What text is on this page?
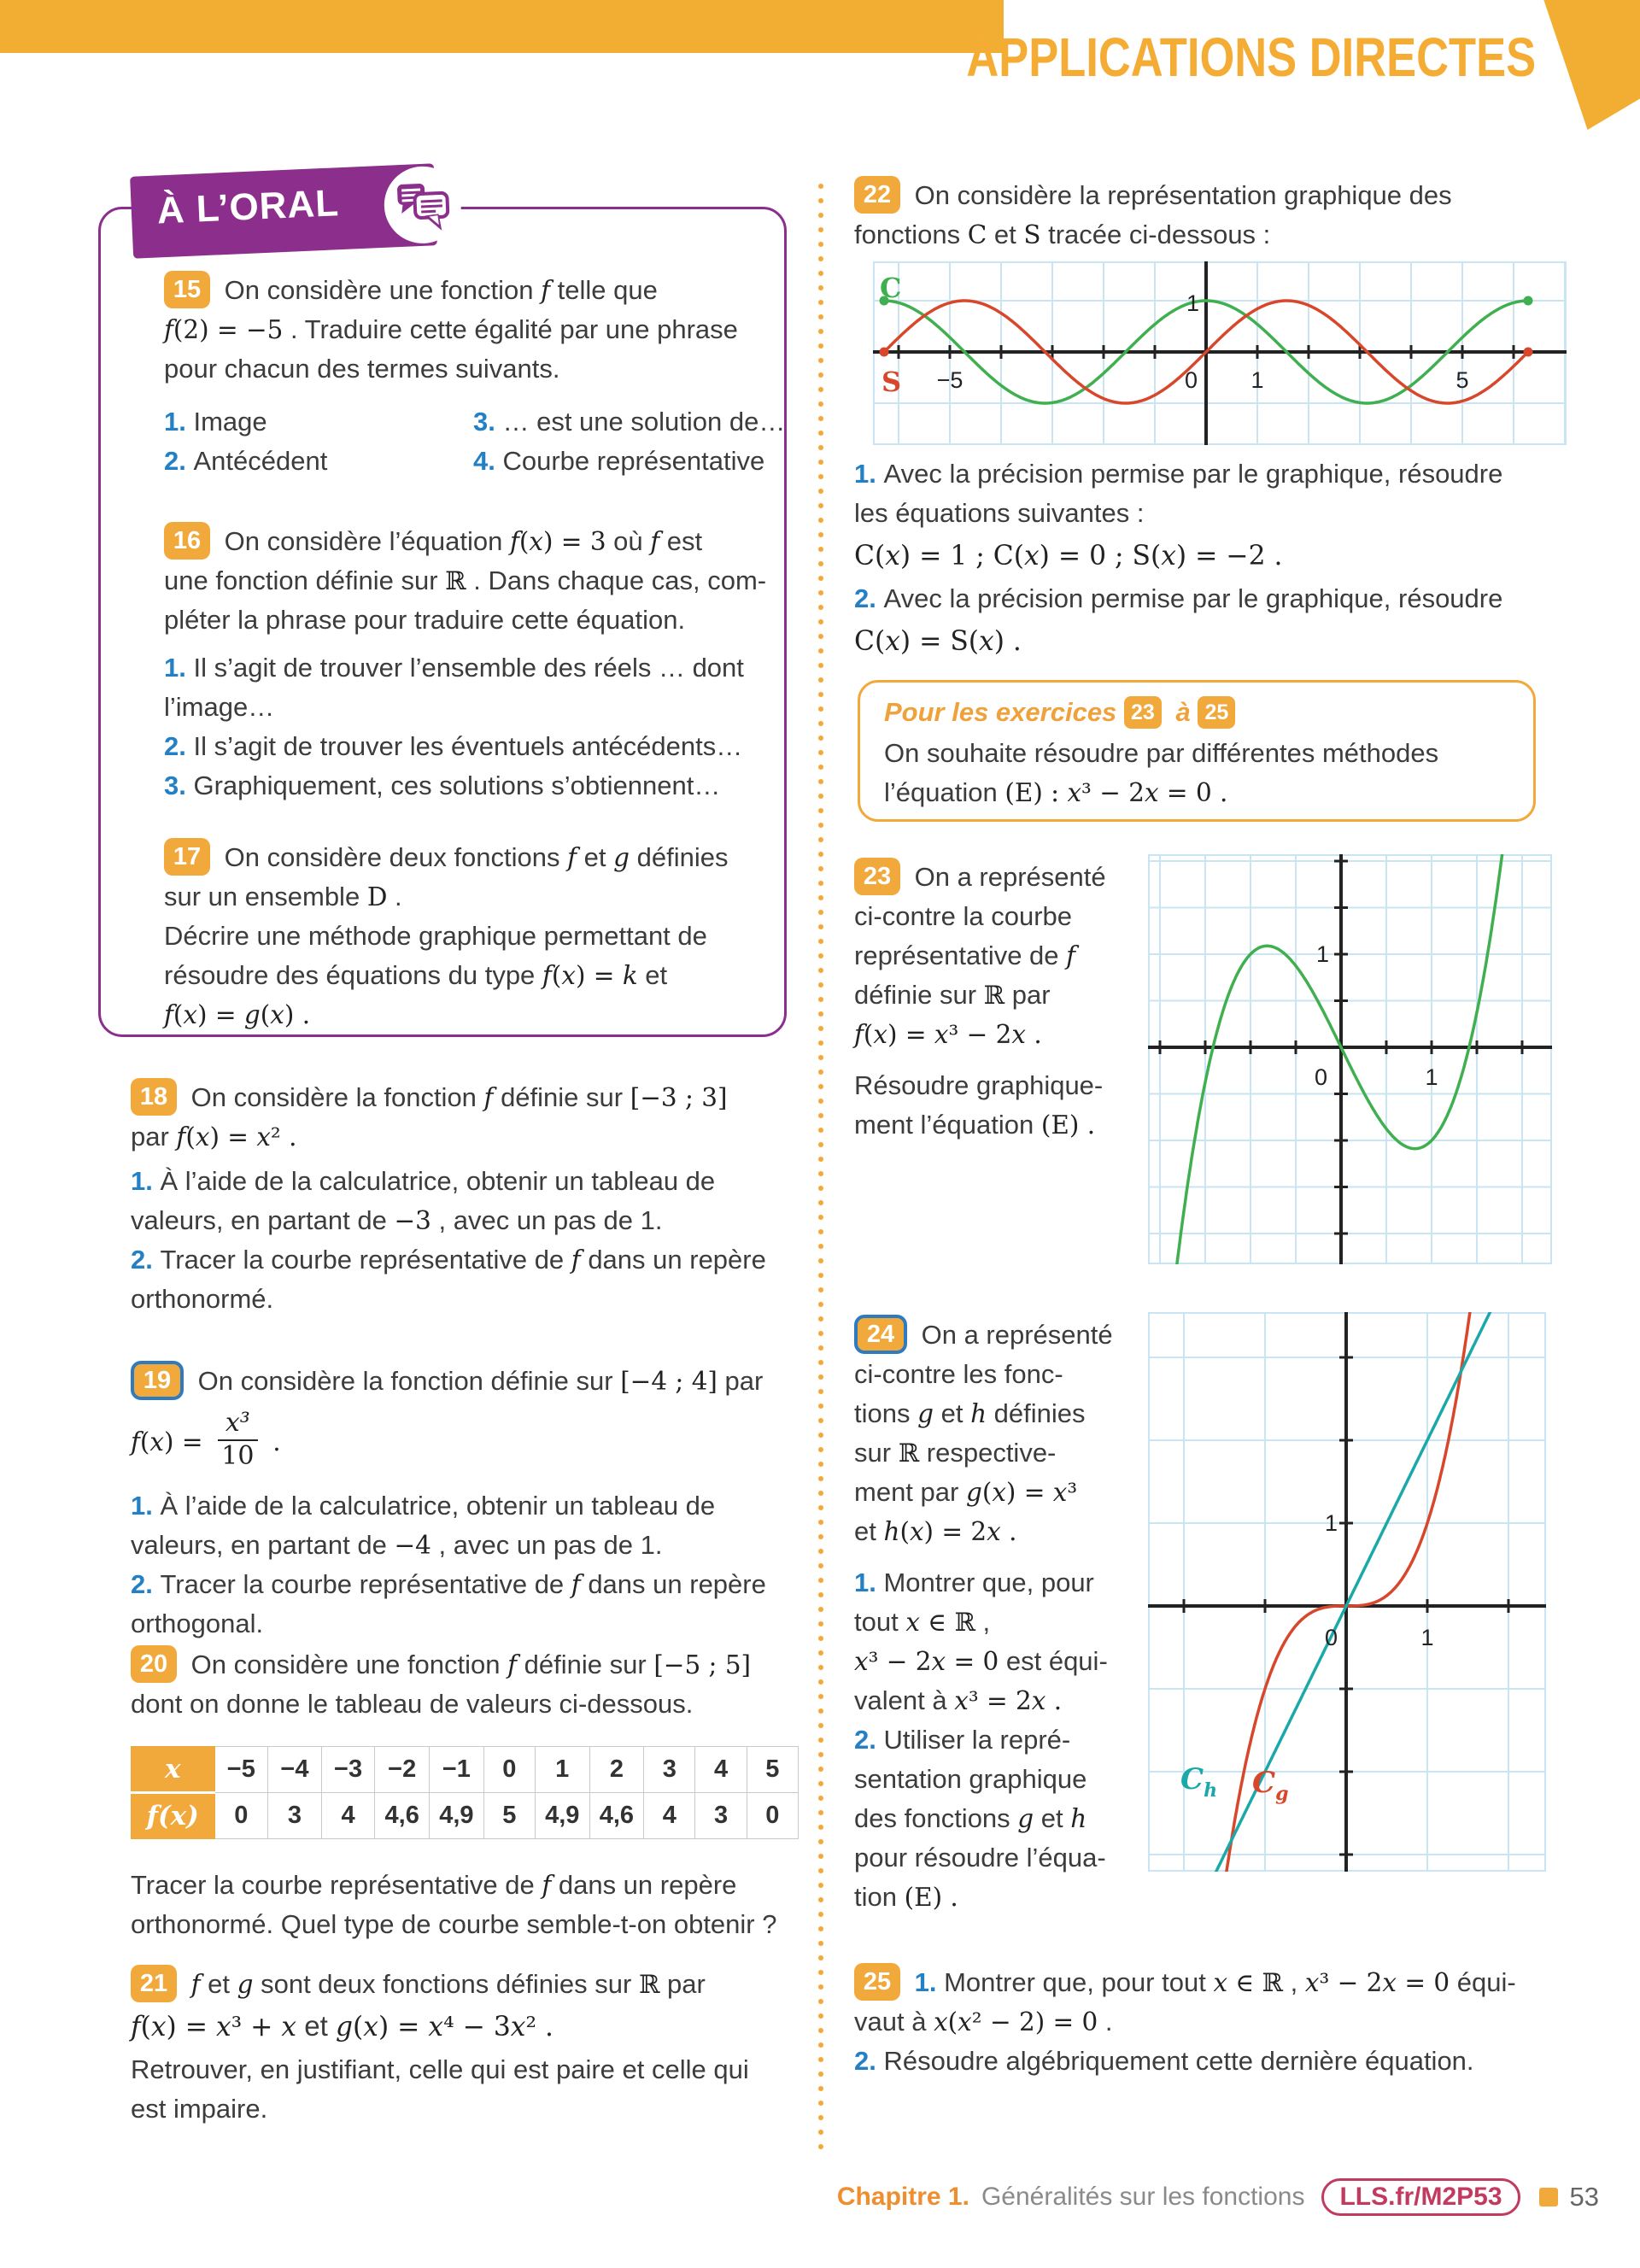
APPLICATIONS DIRECTES
À L’ORAL
15 On considère une fonction f telle que
f(2) = −5 . Traduire cette égalité par une phrase
pour chacun des termes suivants.
1. Image
2. Antécédent
3. … est une solution de…
4. Courbe représentative
16 On considère l’équation f(x) = 3 où f est
une fonction définie sur ℝ . Dans chaque cas, com-
pléter la phrase pour traduire cette équation.
1. Il s’agit de trouver l’ensemble des réels … dont
l’image…
2. Il s’agit de trouver les éventuels antécédents…
3. Graphiquement, ces solutions s’obtiennent…
17 On considère deux fonctions f et g définies
sur un ensemble D .
Décrire une méthode graphique permettant de
résoudre des équations du type f(x) = k et
f(x) = g(x) .
18 On considère la fonction f définie sur [−3 ; 3]
par f(x) = x² .
1. À l’aide de la calculatrice, obtenir un tableau de
valeurs, en partant de −3 , avec un pas de 1.
2. Tracer la courbe représentative de f dans un repère
orthonormé.
19 On considère la fonction définie sur [−4 ; 4] par
$f(x) = \frac{\text{x³}}{10}$ .
1. À l’aide de la calculatrice, obtenir un tableau de
valeurs, en partant de −4 , avec un pas de 1.
2. Tracer la courbe représentative de f dans un repère
orthogonal.
20 On considère une fonction f définie sur [−5 ; 5]
dont on donne le tableau de valeurs ci-dessous.
x	−5	−4	−3	−2	−1	0	1	2	3	4	5
f(x)	0	3	4	4,6	4,9	5	4,9	4,6	4	3	0
Tracer la courbe représentative de f dans un repère
orthonormé. Quel type de courbe semble-t-on obtenir ?
21 f et g sont deux fonctions définies sur ℝ par
f(x) = x³ + x et g(x) = x⁴ − 3x² .
Retrouver, en justifiant, celle qui est paire et celle qui
est impaire.
22 On considère la représentation graphique des
fonctions C et S tracée ci-dessous :
C
S
1
−5	0 1	5
1. Avec la précision permise par le graphique, résoudre
les équations suivantes :
C(x) = 1 ; C(x) = 0 ; S(x) = −2 .
2. Avec la précision permise par le graphique, résoudre
C(x) = S(x) .
Pour les exercices 23 à 25
On souhaite résoudre par différentes méthodes
l’équation (E) : x³ − 2x = 0 .
23 On a représenté
ci-contre la courbe
représentative de f
définie sur ℝ par
f(x) = x³ − 2x .
Résoudre graphique-
ment l’équation (E) .
1
0	1
24 On a représenté
ci-contre les fonc-
tions g et h définies
sur ℝ respective-
ment par g(x) = x³
et h(x) = 2x .
1. Montrer que, pour
tout x ∈ ℝ ,
x³ − 2x = 0 est équi-
valent à x³ = 2x .
2. Utiliser la repré-
sentation graphique
des fonctions g et h
pour résoudre l’équa-
tion (E) .
1
0	1
$C_h$ $C_g$
25 1. Montrer que, pour tout x ∈ ℝ , x³ − 2x = 0 équi-
vaut à x(x² − 2) = 0 .
2. Résoudre algébriquement cette dernière équation.
Chapitre 1. Généralités sur les fonctions	LLS.fr/M2P53	53
